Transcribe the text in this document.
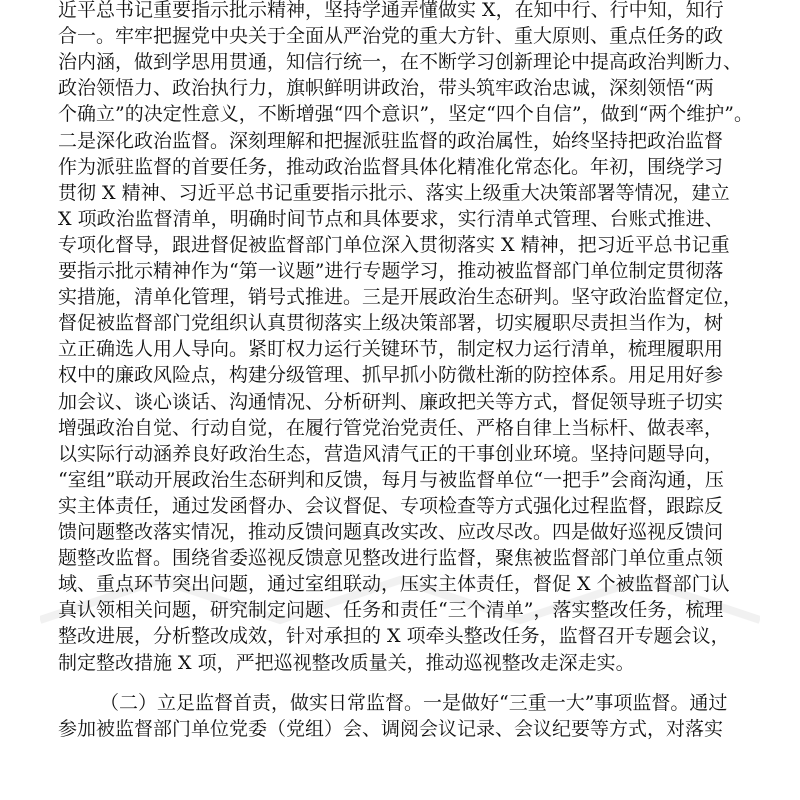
近平总书记重要指示批示精神，坚持学通弄懂做实 X，在知中行、行中知，知行
合一。牢牢把握党中央关于全面从严治党的重大方针、重大原则、重点任务的政
治内涵，做到学思用贯通，知信行统一，在不断学习创新理论中提高政治判断力、
政治领悟力、政治执行力，旗帜鲜明讲政治，带头筑牢政治忠诚，深刻领悟“两
个确立”的决定性意义，不断增强“四个意识”，坚定“四个自信”，做到“两个维护”。
二是深化政治监督。深刻理解和把握派驻监督的政治属性，始终坚持把政治监督
作为派驻监督的首要任务，推动政治监督具体化精准化常态化。年初，围绕学习
贯彻 X 精神、习近平总书记重要指示批示、落实上级重大决策部署等情况，建立
X 项政治监督清单，明确时间节点和具体要求，实行清单式管理、台账式推进、
专项化督导，跟进督促被监督部门单位深入贯彻落实 X 精神，把习近平总书记重
要指示批示精神作为“第一议题”进行专题学习，推动被监督部门单位制定贯彻落
实措施，清单化管理，销号式推进。三是开展政治生态研判。坚守政治监督定位，
督促被监督部门党组织认真贯彻落实上级决策部署，切实履职尽责担当作为，树
立正确选人用人导向。紧盯权力运行关键环节，制定权力运行清单，梳理履职用
权中的廉政风险点，构建分级管理、抓早抓小防微杜渐的防控体系。用足用好参
加会议、谈心谈话、沟通情况、分析研判、廉政把关等方式，督促领导班子切实
增强政治自觉、行动自觉，在履行管党治党责任、严格自律上当标杆、做表率，
以实际行动涵养良好政治生态，营造风清气正的干事创业环境。坚持问题导向，
“室组”联动开展政治生态研判和反馈，每月与被监督单位“一把手”会商沟通，压
实主体责任，通过发函督办、会议督促、专项检查等方式强化过程监督，跟踪反
馈问题整改落实情况，推动反馈问题真改实改、应改尽改。四是做好巡视反馈问
题整改监督。围绕省委巡视反馈意见整改进行监督，聚焦被监督部门单位重点领
域、重点环节突出问题，通过室组联动，压实主体责任，督促 X 个被监督部门认
真认领相关问题，研究制定问题、任务和责任“三个清单”，落实整改任务，梳理
整改进展，分析整改成效，针对承担的 X 项牵头整改任务，监督召开专题会议，
制定整改措施 X 项，严把巡视整改质量关，推动巡视整改走深走实。
（二）立足监督首责，做实日常监督。一是做好“三重一大”事项监督。通过
参加被监督部门单位党委（党组）会、调阅会议记录、会议纪要等方式，对落实
